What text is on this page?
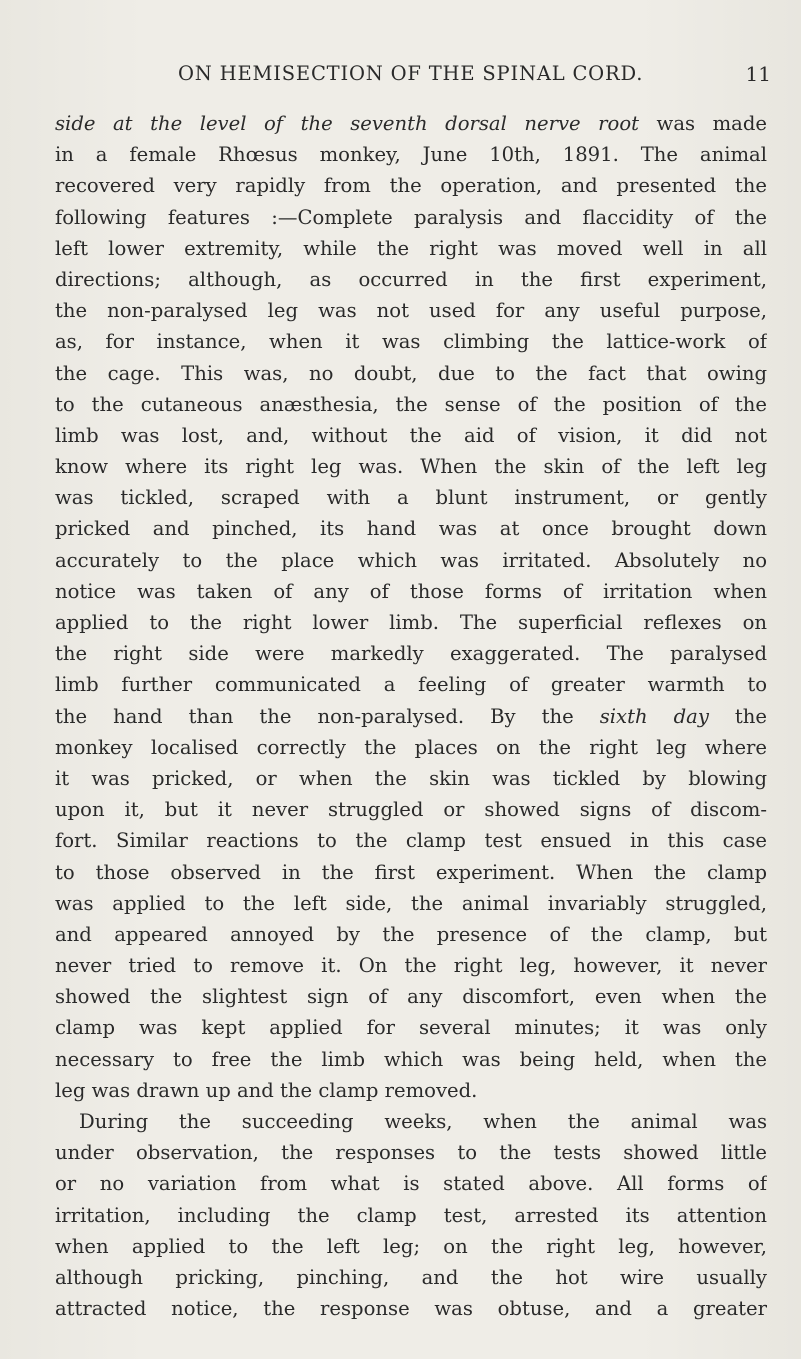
ON HEMISECTION OF THE SPINAL CORD.	11
side at the level of the seventh dorsal nerve root was made
in a female Rhœsus monkey, June 10th, 1891. The animal
recovered very rapidly from the operation, and presented the
following features :—Complete paralysis and flaccidity of the
left lower extremity, while the right was moved well in all
directions; although, as occurred in the first experiment,
the non-paralysed leg was not used for any useful purpose,
as, for instance, when it was climbing the lattice-work of
the cage. This was, no doubt, due to the fact that owing
to the cutaneous anæsthesia, the sense of the position of the
limb was lost, and, without the aid of vision, it did not
know where its right leg was. When the skin of the left leg
was tickled, scraped with a blunt instrument, or gently
pricked and pinched, its hand was at once brought down
accurately to the place which was irritated. Absolutely no
notice was taken of any of those forms of irritation when
applied to the right lower limb. The superficial reflexes on
the right side were markedly exaggerated. The paralysed
limb further communicated a feeling of greater warmth to
the hand than the non-paralysed. By the sixth day the
monkey localised correctly the places on the right leg where
it was pricked, or when the skin was tickled by blowing
upon it, but it never struggled or showed signs of discom-
fort. Similar reactions to the clamp test ensued in this case
to those observed in the first experiment. When the clamp
was applied to the left side, the animal invariably struggled,
and appeared annoyed by the presence of the clamp, but
never tried to remove it. On the right leg, however, it never
showed the slightest sign of any discomfort, even when the
clamp was kept applied for several minutes; it was only
necessary to free the limb which was being held, when the
leg was drawn up and the clamp removed.
During the succeeding weeks, when the animal was
under observation, the responses to the tests showed little
or no variation from what is stated above. All forms of
irritation, including the clamp test, arrested its attention
when applied to the left leg; on the right leg, however,
although pricking, pinching, and the hot wire usually
attracted notice, the response was obtuse, and a greater
